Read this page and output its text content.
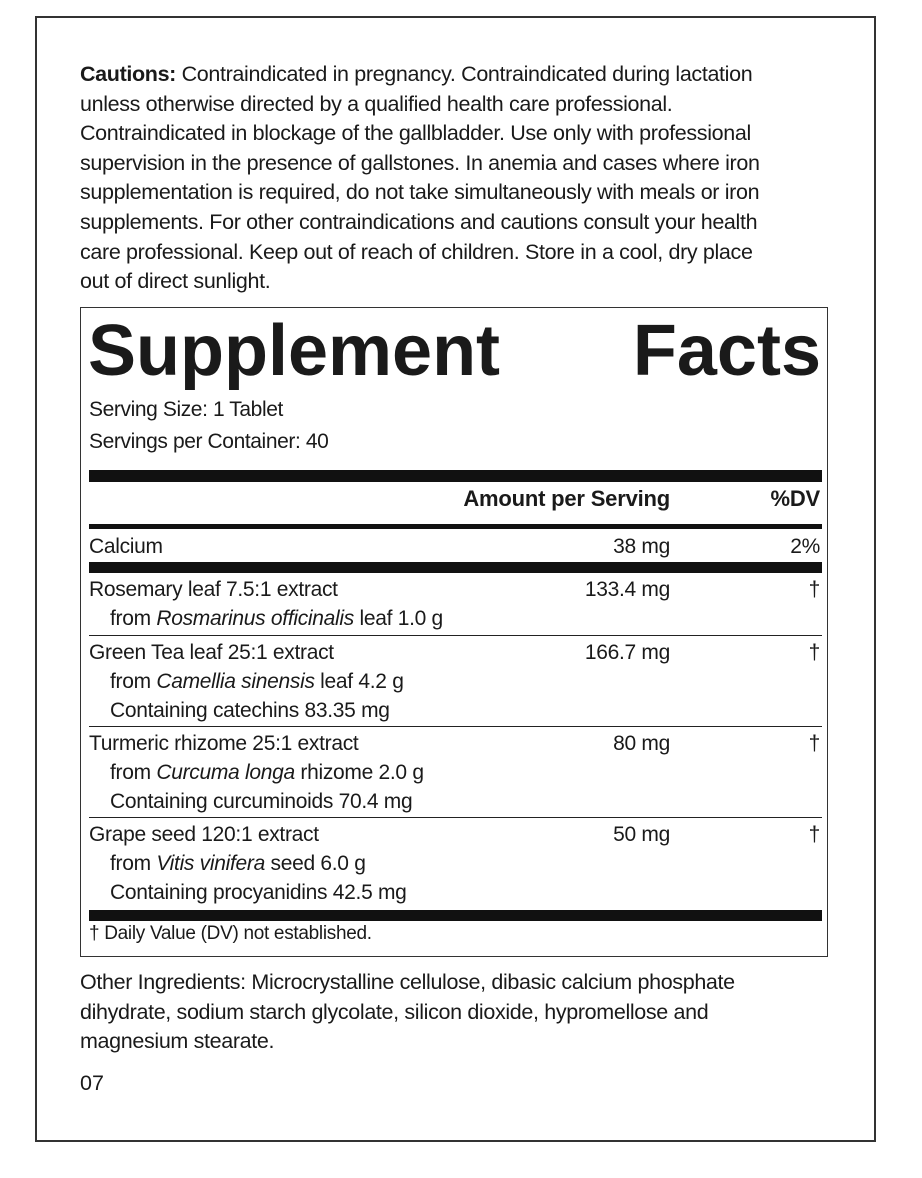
Cautions: Contraindicated in pregnancy. Contraindicated during lactation
unless otherwise directed by a qualified health care professional.
Contraindicated in blockage of the gallbladder. Use only with professional
supervision in the presence of gallstones. In anemia and cases where iron
supplementation is required, do not take simultaneously with meals or iron
supplements. For other contraindications and cautions consult your health
care professional. Keep out of reach of children. Store in a cool, dry place
out of direct sunlight.
Supplement Facts
Serving Size: 1 Tablet
Servings per Container: 40
Amount per Serving	%DV
Calcium	38 mg	2%
Rosemary leaf 7.5:1 extract
from Rosmarinus officinalis leaf 1.0 g
133.4 mg	†
Green Tea leaf 25:1 extract
from Camellia sinensis leaf 4.2 g
Containing catechins 83.35 mg
166.7 mg	†
Turmeric rhizome 25:1 extract
from Curcuma longa rhizome 2.0 g
Containing curcuminoids 70.4 mg
80 mg	†
Grape seed 120:1 extract
from Vitis vinifera seed 6.0 g
Containing procyanidins 42.5 mg
50 mg	†
† Daily Value (DV) not established.
Other Ingredients: Microcrystalline cellulose, dibasic calcium phosphate
dihydrate, sodium starch glycolate, silicon dioxide, hypromellose and
magnesium stearate.
07
